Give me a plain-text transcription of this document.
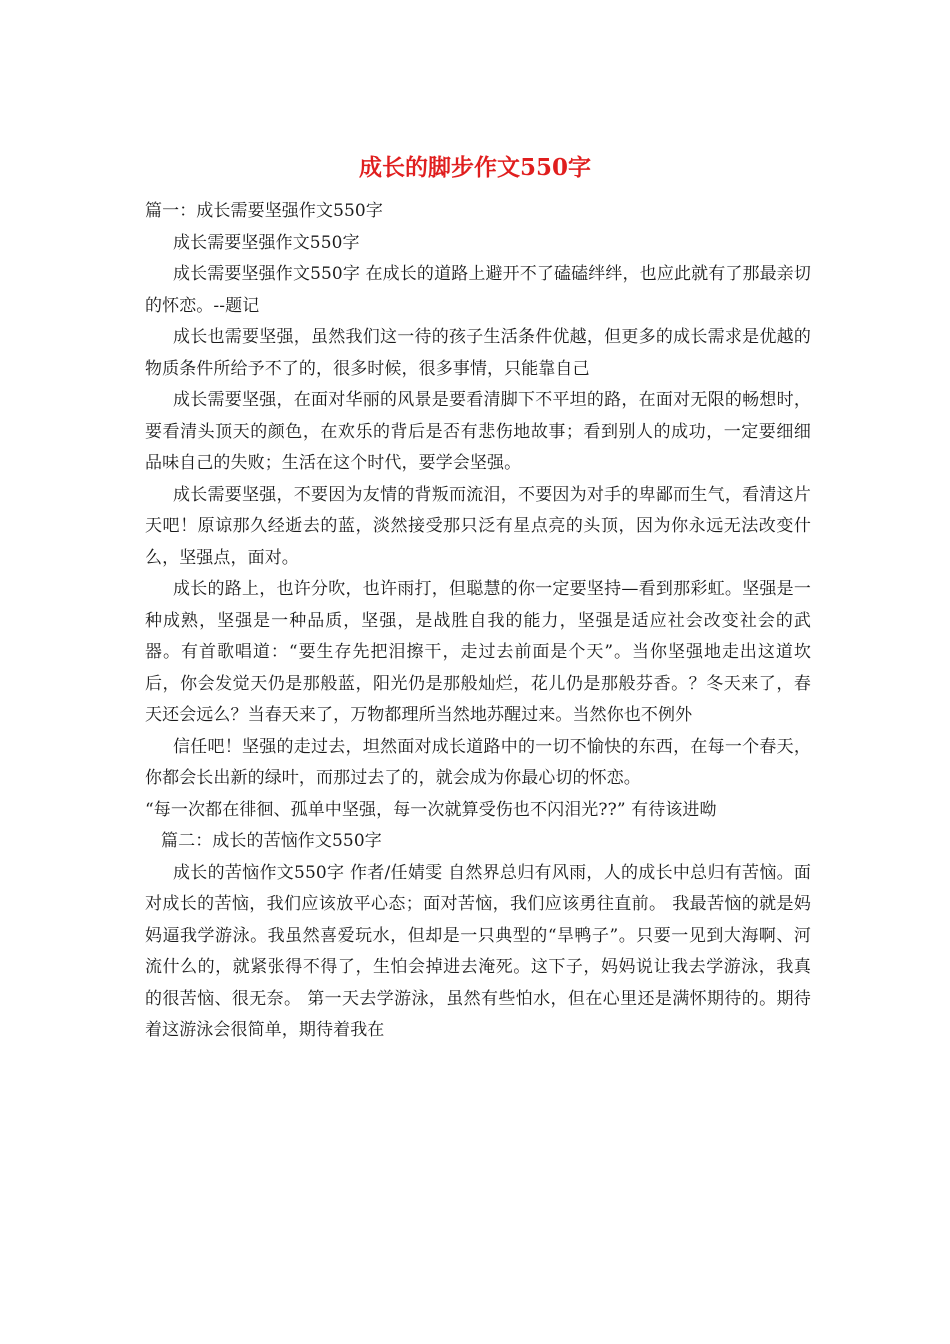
成长的脚步作文550字

篇一：成长需要坚强作文550字

成长需要坚强作文550字

成长需要坚强作文550字 在成长的道路上避开不了磕磕绊绊，也应此就有了那最亲切的怀恋。--题记

成长也需要坚强，虽然我们这一待的孩子生活条件优越，但更多的成长需求是优越的物质条件所给予不了的，很多时候，很多事情，只能靠自己

成长需要坚强，在面对华丽的风景是要看清脚下不平坦的路，在面对无限的畅想时，要看清头顶天的颜色，在欢乐的背后是否有悲伤地故事；看到别人的成功，一定要细细品味自己的失败；生活在这个时代，要学会坚强。

成长需要坚强，不要因为友情的背叛而流泪，不要因为对手的卑鄙而生气，看清这片天吧！原谅那久经逝去的蓝，淡然接受那只泛有星点亮的头顶，因为你永远无法改变什么，坚强点，面对。

成长的路上，也许分吹，也许雨打，但聪慧的你一定要坚持—看到那彩虹。坚强是一种成熟，坚强是一种品质，坚强，是战胜自我的能力，坚强是适应社会改变社会的武器。有首歌唱道：“要生存先把泪擦干，走过去前面是个天”。当你坚强地走出这道坎后，你会发觉天仍是那般蓝，阳光仍是那般灿烂，花儿仍是那般芬香。？冬天来了，春天还会远么？当春天来了，万物都理所当然地苏醒过来。当然你也不例外

信任吧！坚强的走过去，坦然面对成长道路中的一切不愉快的东西，在每一个春天，你都会长出新的绿叶，而那过去了的，就会成为你最心切的怀恋。

“每一次都在徘徊、孤单中坚强，每一次就算受伤也不闪泪光??” 有待该进呦

篇二：成长的苦恼作文550字

成长的苦恼作文550字 作者/任婧雯 自然界总归有风雨，人的成长中总归有苦恼。面对成长的苦恼，我们应该放平心态；面对苦恼，我们应该勇往直前。 我最苦恼的就是妈妈逼我学游泳。我虽然喜爱玩水，但却是一只典型的“旱鸭子”。只要一见到大海啊、河流什么的，就紧张得不得了，生怕会掉进去淹死。这下子，妈妈说让我去学游泳，我真的很苦恼、很无奈。 第一天去学游泳，虽然有些怕水，但在心里还是满怀期待的。期待着这游泳会很简单，期待着我在
